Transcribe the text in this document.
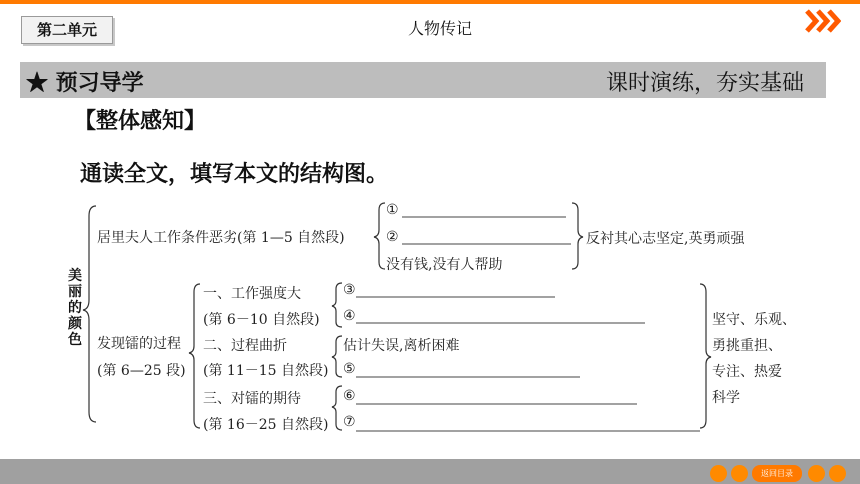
第二单元	人物传记
★ 预习导学	课时演练，夯实基础
【整体感知】
通读全文，填写本文的结构图。
美丽的颜色
居里夫人工作条件恶劣(第 1—5 自然段)
①
②
没有钱,没有人帮助
反衬其心志坚定,英勇顽强
发现镭的过程
(第 6—25 段)
一、工作强度大
(第 6－10 自然段)
③
④
二、过程曲折
(第 11－15 自然段)
估计失误,离析困难
⑤
三、对镭的期待
(第 16－25 自然段)
⑥
⑦
坚守、乐观、
勇挑重担、
专注、热爱
科学
返回目录
